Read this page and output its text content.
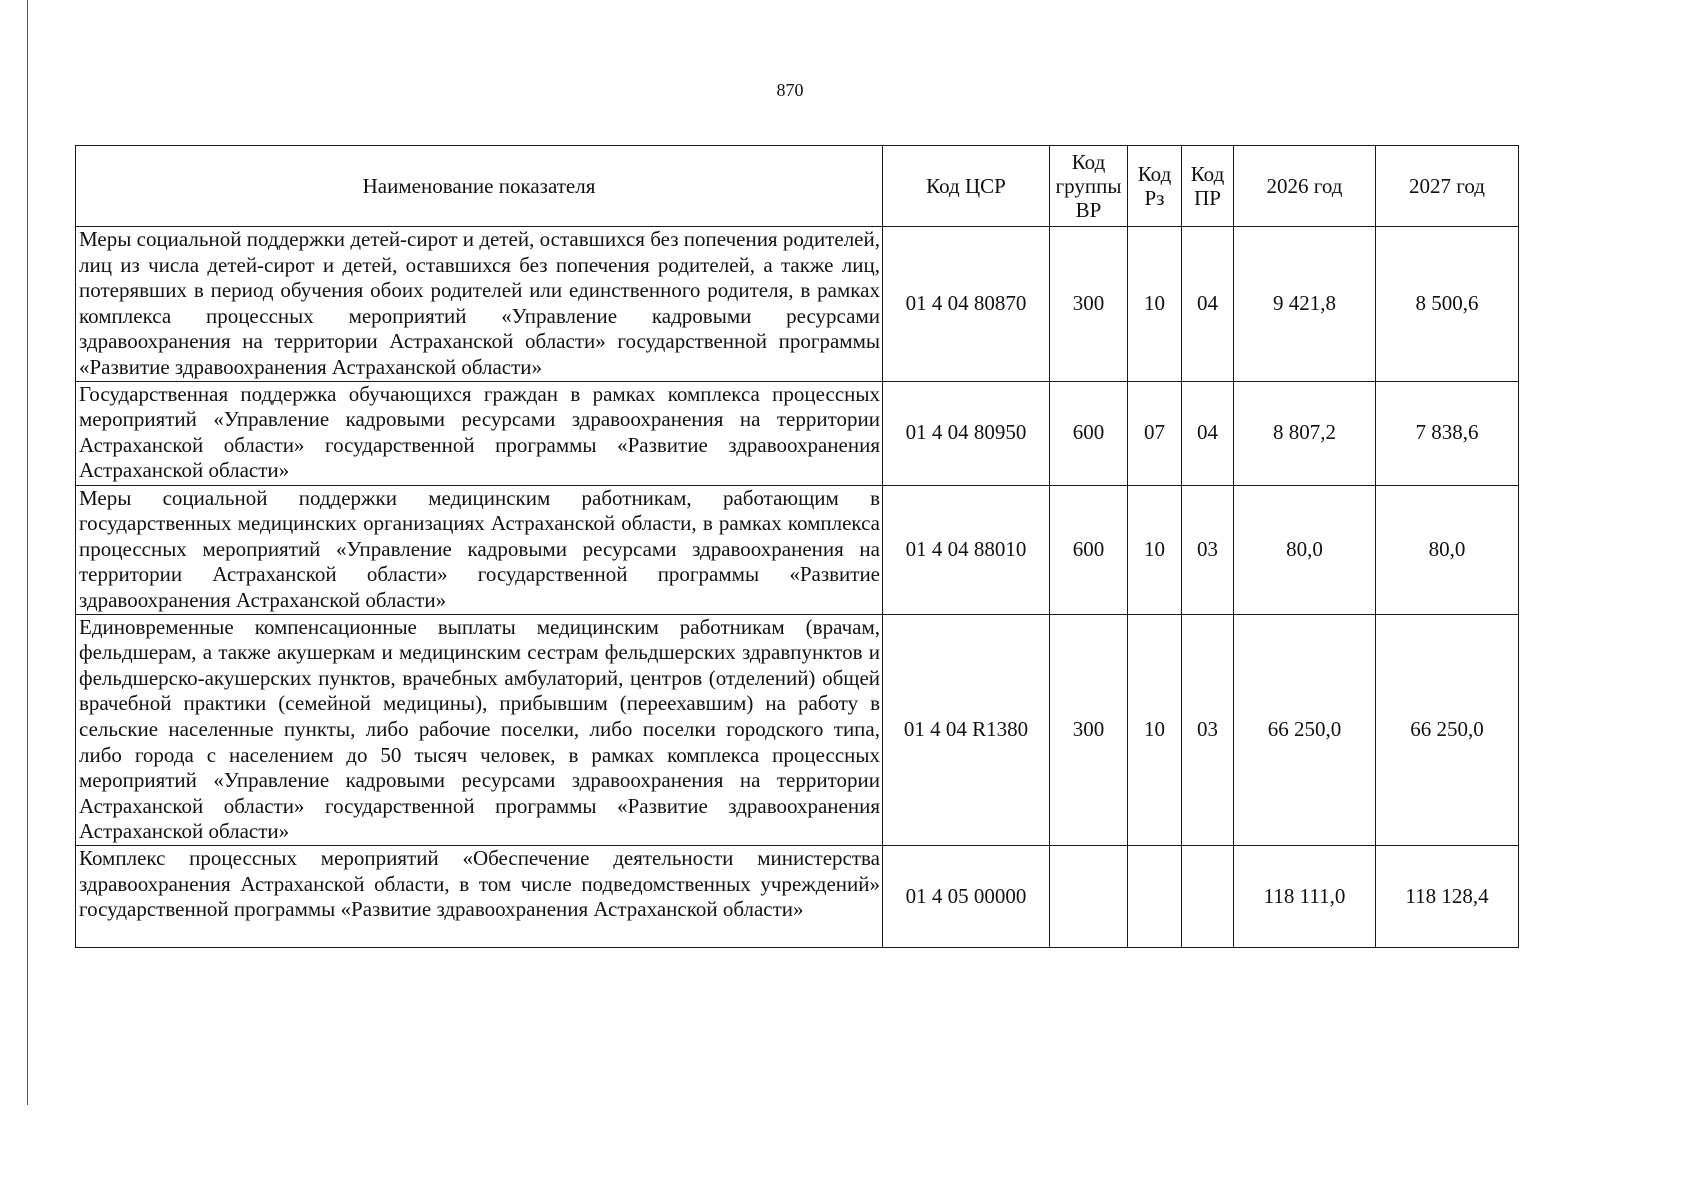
870
Наименование показателя	Код ЦСР	Код группы ВР	Код Рз	Код ПР	2026 год	2027 год
Меры социальной поддержки детей-сирот и детей, оставшихся без попечения родителей, лиц из числа детей-сирот и детей, оставшихся без попечения родителей, а также лиц, потерявших в период обучения обоих родителей или единственного родителя, в рамках комплекса процессных мероприятий «Управление кадровыми ресурсами здравоохранения на территории Астраханской области» государственной программы «Развитие здравоохранения Астраханской области»	01 4 04 80870	300	10	04	9 421,8	8 500,6
Государственная поддержка обучающихся граждан в рамках комплекса процессных мероприятий «Управление кадровыми ресурсами здравоохранения на территории Астраханской области» государственной программы «Развитие здравоохранения Астраханской области»	01 4 04 80950	600	07	04	8 807,2	7 838,6
Меры социальной поддержки медицинским работникам, работающим в государственных медицинских организациях Астраханской области, в рамках комплекса процессных мероприятий «Управление кадровыми ресурсами здравоохранения на территории Астраханской области» государственной программы «Развитие здравоохранения Астраханской области»	01 4 04 88010	600	10	03	80,0	80,0
Единовременные компенсационные выплаты медицинским работникам (врачам, фельдшерам, а также акушеркам и медицинским сестрам фельдшерских здравпунктов и фельдшерско-акушерских пунктов, врачебных амбулаторий, центров (отделений) общей врачебной практики (семейной медицины), прибывшим (переехавшим) на работу в сельские населенные пункты, либо рабочие поселки, либо поселки городского типа, либо города с населением до 50 тысяч человек, в рамках комплекса процессных мероприятий «Управление кадровыми ресурсами здравоохранения на территории Астраханской области» государственной программы «Развитие здравоохранения Астраханской области»	01 4 04 R1380	300	10	03	66 250,0	66 250,0
Комплекс процессных мероприятий «Обеспечение деятельности министерства здравоохранения Астраханской области, в том числе подведомственных учреждений» государственной программы «Развитие здравоохранения Астраханской области»	01 4 05 00000				118 111,0	118 128,4
